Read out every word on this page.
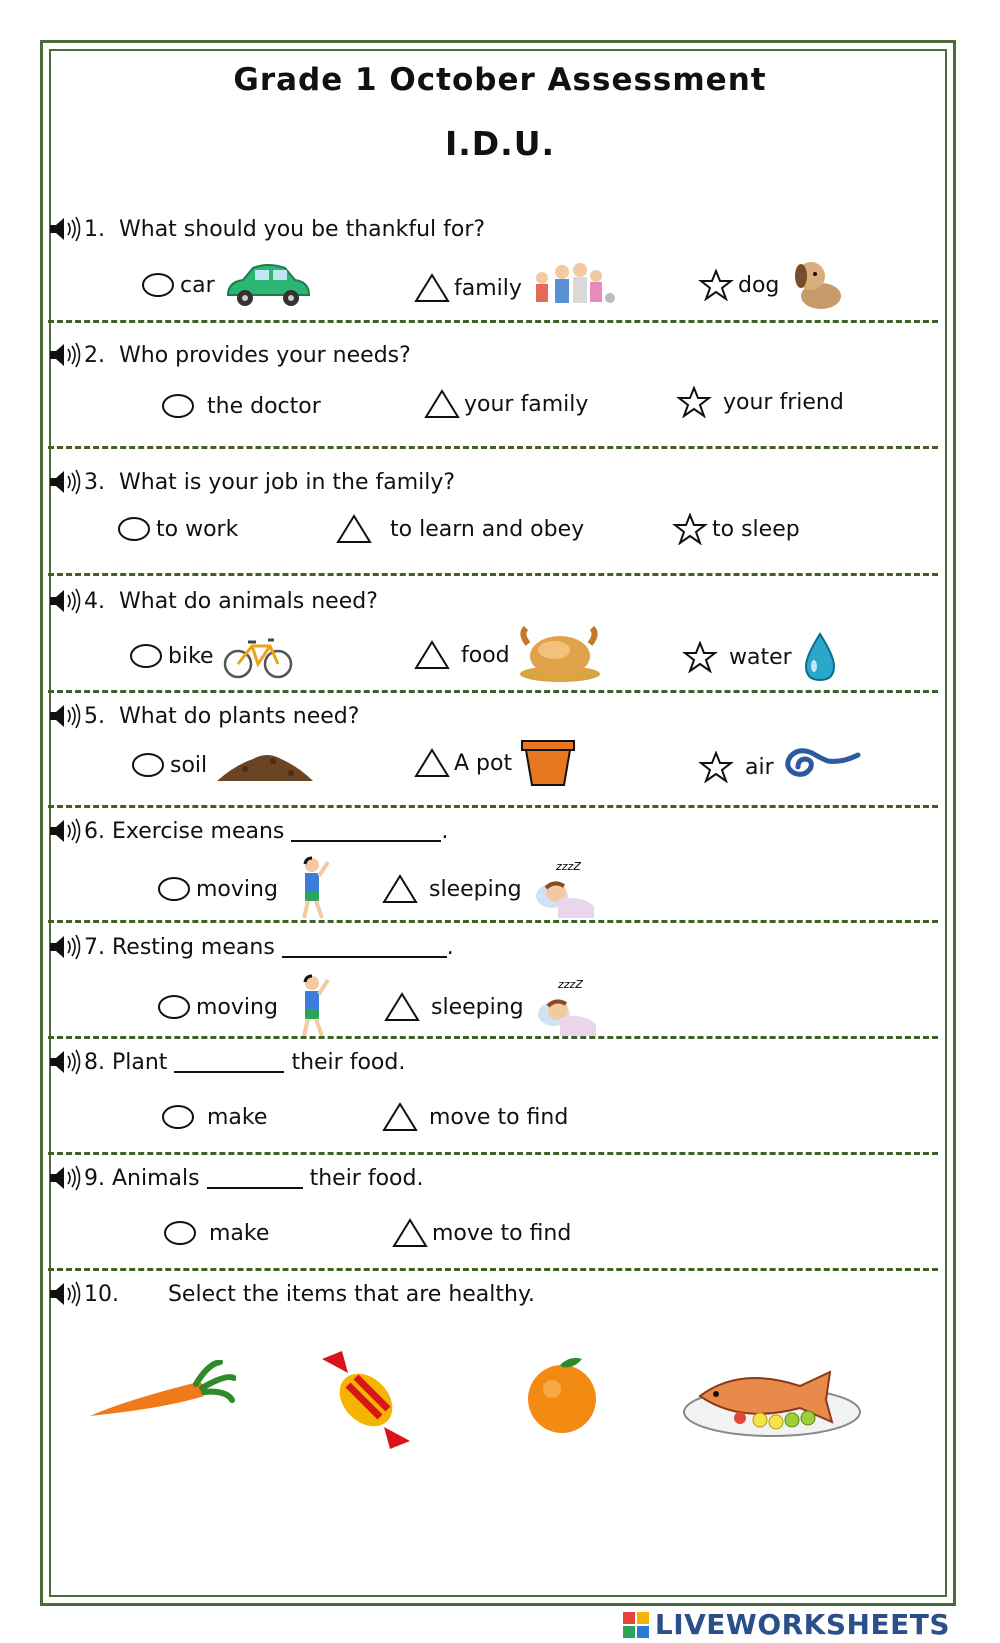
Grade 1 October Assessment
I.D.U.
1.
What should you be thankful for?
car	family	dog
2.
Who provides your needs?

the doctor	your family
	your friend
3.
What is your job in the family?
to work
	to learn and obey	to sleep
4.
What do animals need?
bike
	food
	water
5.
What do plants need?
soil	A pot
	air
6.
Exercise means
	.
moving
	sleeping
zzzZ
7.
Resting means
	.
moving
	sleeping
zzzZ
8.
Plant

	their food.

make
	move to find
9.
Animals

	their food.

make	move to find
10.
Select the items that are healthy.
LIVEWORKSHEETS
